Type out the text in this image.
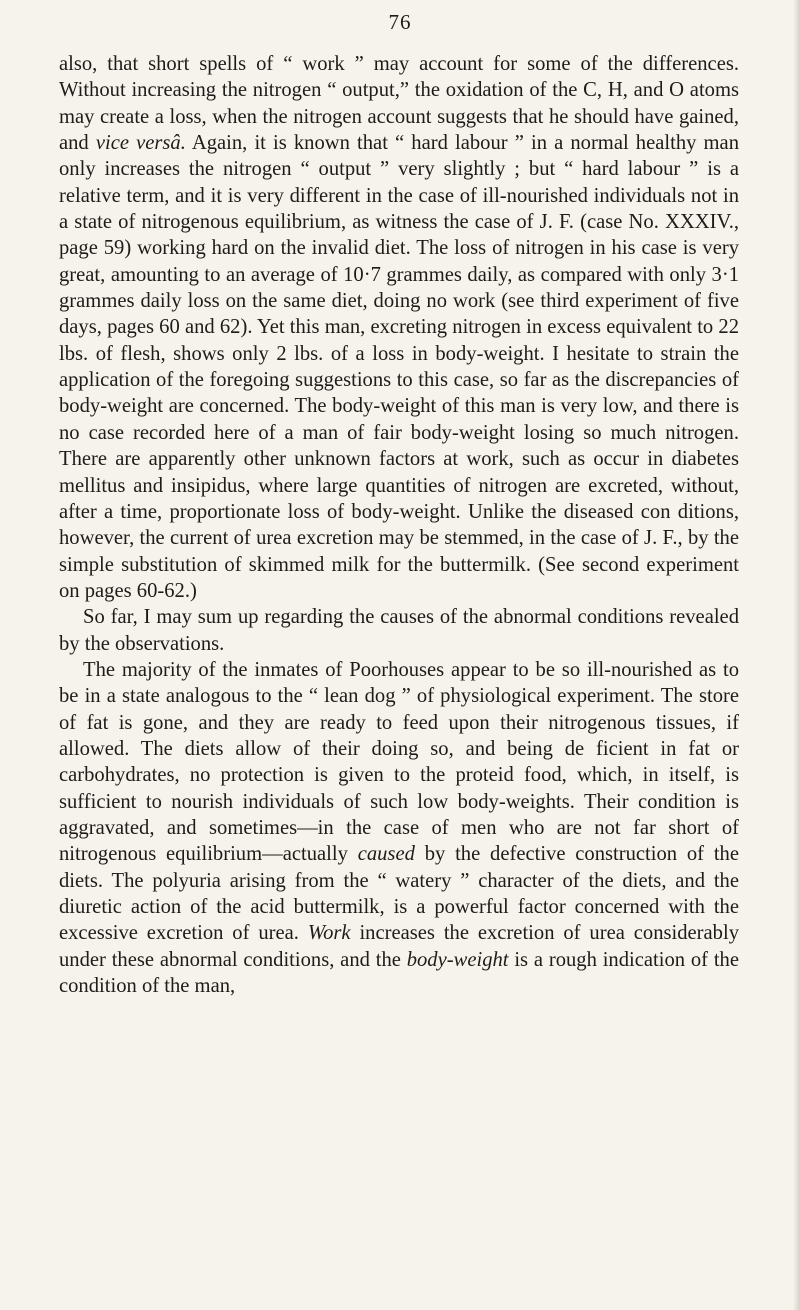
76

also, that short spells of “ work ” may account for some of the differences. Without increasing the nitrogen “ output,” the oxidation of the C, H, and O atoms may create a loss, when the nitrogen account suggests that he should have gained, and vice versâ. Again, it is known that “ hard labour ” in a normal healthy man only increases the nitrogen “ output ” very slightly ; but “ hard labour ” is a relative term, and it is very different in the case of ill-nourished individuals not in a state of nitrogenous equilibrium, as witness the case of J. F. (case No. XXXIV., page 59) working hard on the invalid diet. The loss of nitrogen in his case is very great, amounting to an average of 10·7 grammes daily, as compared with only 3·1 grammes daily loss on the same diet, doing no work (see third experiment of five days, pages 60 and 62). Yet this man, excreting nitrogen in excess equivalent to 22 lbs. of flesh, shows only 2 lbs. of a loss in body-weight. I hesitate to strain the application of the foregoing suggestions to this case, so far as the discrepancies of body-weight are concerned. The body-weight of this man is very low, and there is no case recorded here of a man of fair body-weight losing so much nitrogen. There are apparently other unknown factors at work, such as occur in diabetes mellitus and insipidus, where large quantities of nitrogen are excreted, without, after a time, proportionate loss of body-weight. Unlike the diseased con ditions, however, the current of urea excretion may be stemmed, in the case of J. F., by the simple substitution of skimmed milk for the buttermilk. (See second experiment on pages 60-62.)

So far, I may sum up regarding the causes of the abnormal conditions revealed by the observations.

The majority of the inmates of Poorhouses appear to be so ill-nourished as to be in a state analogous to the “ lean dog ” of physiological experiment. The store of fat is gone, and they are ready to feed upon their nitrogenous tissues, if allowed. The diets allow of their doing so, and being de ficient in fat or carbohydrates, no protection is given to the proteid food, which, in itself, is sufficient to nourish individuals of such low body-weights. Their condition is aggravated, and sometimes—in the case of men who are not far short of nitrogenous equilibrium—actually caused by the defective construction of the diets. The polyuria arising from the “ watery ” character of the diets, and the diuretic action of the acid buttermilk, is a powerful factor concerned with the excessive excretion of urea. Work increases the excretion of urea considerably under these abnormal conditions, and the body-weight is a rough indication of the condition of the man,
